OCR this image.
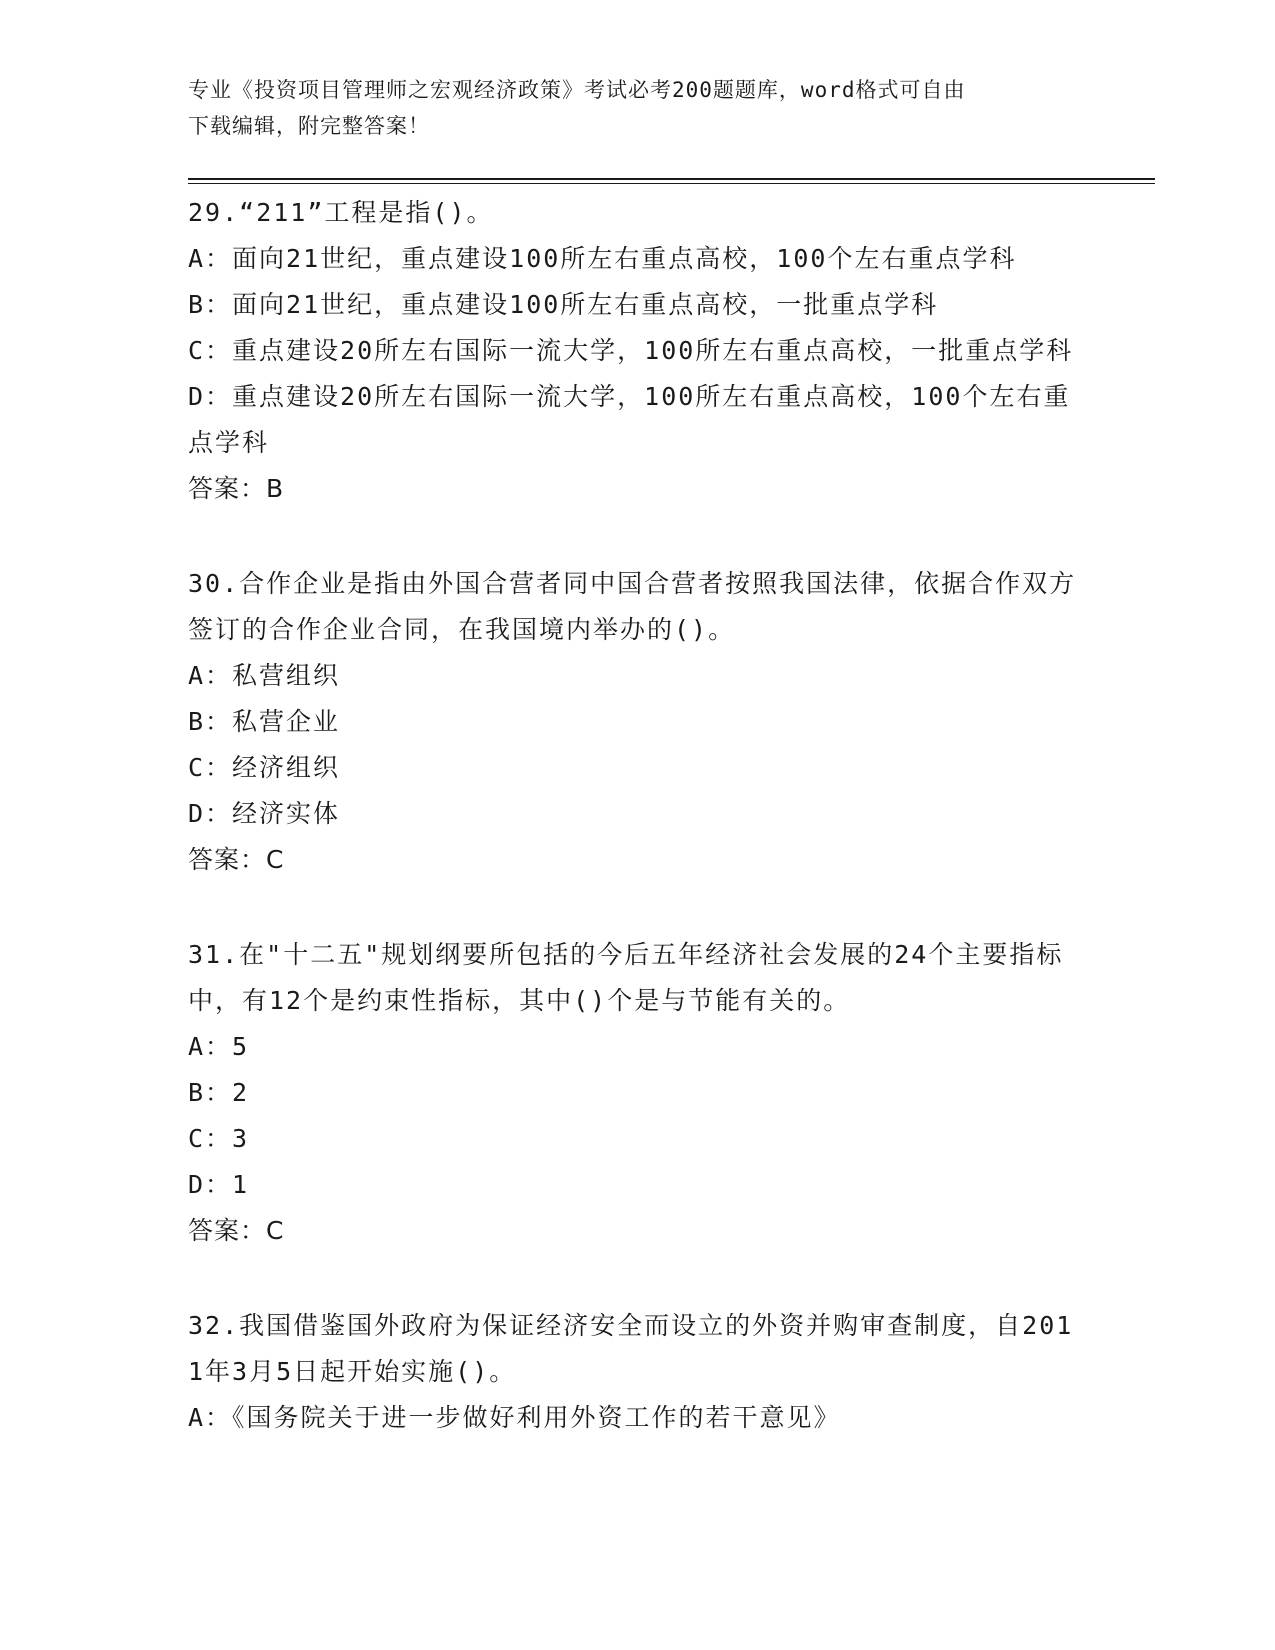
专业《投资项目管理师之宏观经济政策》考试必考200题题库，word格式可自由
下载编辑，附完整答案！
29.“211”工程是指()。
A：面向21世纪，重点建设100所左右重点高校，100个左右重点学科
B：面向21世纪，重点建设100所左右重点高校，一批重点学科
C：重点建设20所左右国际一流大学，100所左右重点高校，一批重点学科
D：重点建设20所左右国际一流大学，100所左右重点高校，100个左右重点学科
答案：B
30.合作企业是指由外国合营者同中国合营者按照我国法律，依据合作双方签订的合作企业合同，在我国境内举办的()。
A：私营组织
B：私营企业
C：经济组织
D：经济实体
答案：C
31.在"十二五"规划纲要所包括的今后五年经济社会发展的24个主要指标中，有12个是约束性指标，其中()个是与节能有关的。
A：5
B：2
C：3
D：1
答案：C
32.我国借鉴国外政府为保证经济安全而设立的外资并购审查制度，自2011年3月5日起开始实施()。
A：《国务院关于进一步做好利用外资工作的若干意见》
